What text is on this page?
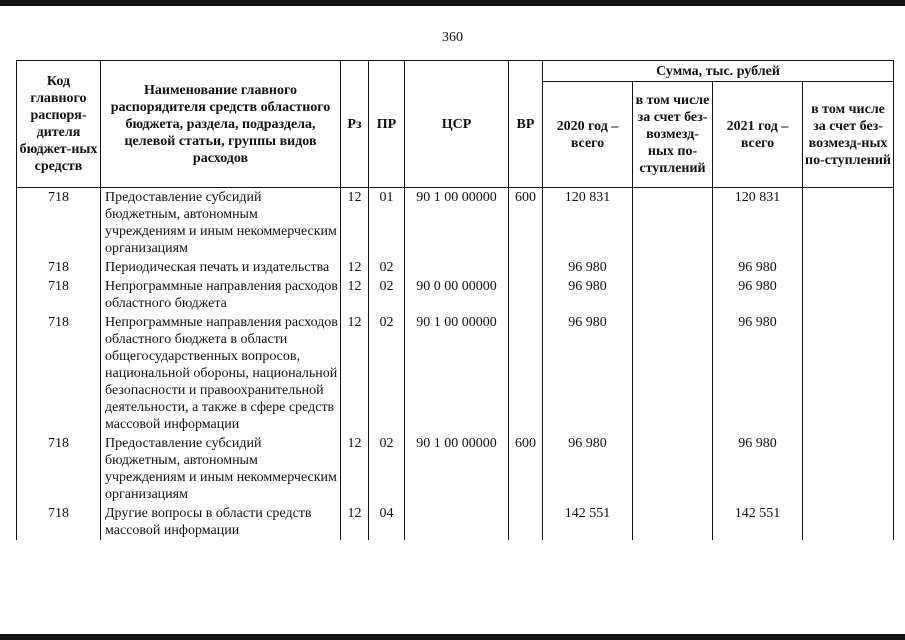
360
Код главного распоря-дителя бюджет-ных средств	Наименование главного распорядителя средств областного бюджета, раздела, подраздела, целевой статьи, группы видов расходов	Рз	ПР	ЦСР	ВР	Сумма, тыс. рублей			
						2020 год – всего	в том числе за счет без-возмезд-ных по-ступлений	2021 год – всего	в том числе за счет без-возмезд-ных по-ступлений
718	Предоставление субсидий бюджетным, автономным учреждениям и иным некоммерческим организациям	12	01	90 1 00 00000	600	120 831		120 831	
718	Периодическая печать и издательства	12	02			96 980		96 980	
718	Непрограммные направления расходов областного бюджета	12	02	90 0 00 00000		96 980		96 980	
718	Непрограммные направления расходов областного бюджета в области общегосударственных вопросов, национальной обороны, национальной безопасности и правоохранительной деятельности, а также в сфере средств массовой информации	12	02	90 1 00 00000		96 980		96 980	
718	Предоставление субсидий бюджетным, автономным учреждениям и иным некоммерческим организациям	12	02	90 1 00 00000	600	96 980		96 980	
718	Другие вопросы в области средств массовой информации	12	04			142 551		142 551	
